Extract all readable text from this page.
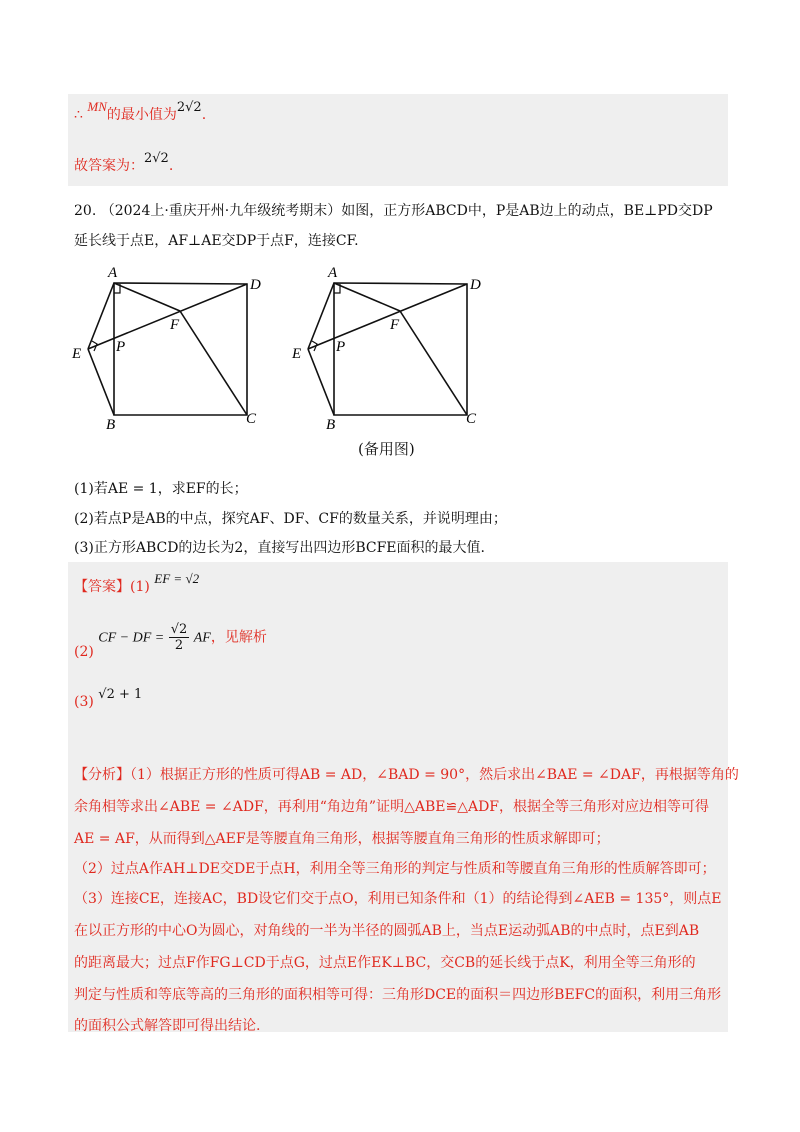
∴ MN的最小值为2√2.
故答案为：2√2.
20. （2024上·重庆开州·九年级统考期末）如图，正方形ABCD中，P是AB边上的动点，BE⊥PD交DP
延长线于点E，AF⊥AE交DP于点F，连接CF.
A
D
F
E P
B	C
A
D
F
E P
B	C
(备用图)
(1)若AE = 1，求EF的长；
(2)若点P是AB的中点，探究AF、DF、CF的数量关系，并说明理由；
(3)正方形ABCD的边长为2，直接写出四边形BCFE面积的最大值.
【答案】(1) EF = √2
(2) CF − DF = $\frac{√2}{2}$ AF，见解析
(3) √2 + 1
【分析】（1）根据正方形的性质可得AB = AD，∠BAD = 90°，然后求出∠BAE = ∠DAF，再根据等角的
余角相等求出∠ABE = ∠ADF，再利用“角边角”证明△ABE≌△ADF，根据全等三角形对应边相等可得
AE = AF，从而得到△AEF是等腰直角三角形，根据等腰直角三角形的性质求解即可；
（2）过点A作AH⊥DE交DE于点H，利用全等三角形的判定与性质和等腰直角三角形的性质解答即可；
（3）连接CE，连接AC，BD设它们交于点O，利用已知条件和（1）的结论得到∠AEB = 135°，则点E
在以正方形的中心O为圆心，对角线的一半为半径的圆弧AB上，当点E运动弧AB的中点时，点E到AB
的距离最大；过点F作FG⊥CD于点G，过点E作EK⊥BC，交CB的延长线于点K，利用全等三角形的
判定与性质和等底等高的三角形的面积相等可得：三角形DCE的面积＝四边形BEFC的面积，利用三角形
的面积公式解答即可得出结论.
